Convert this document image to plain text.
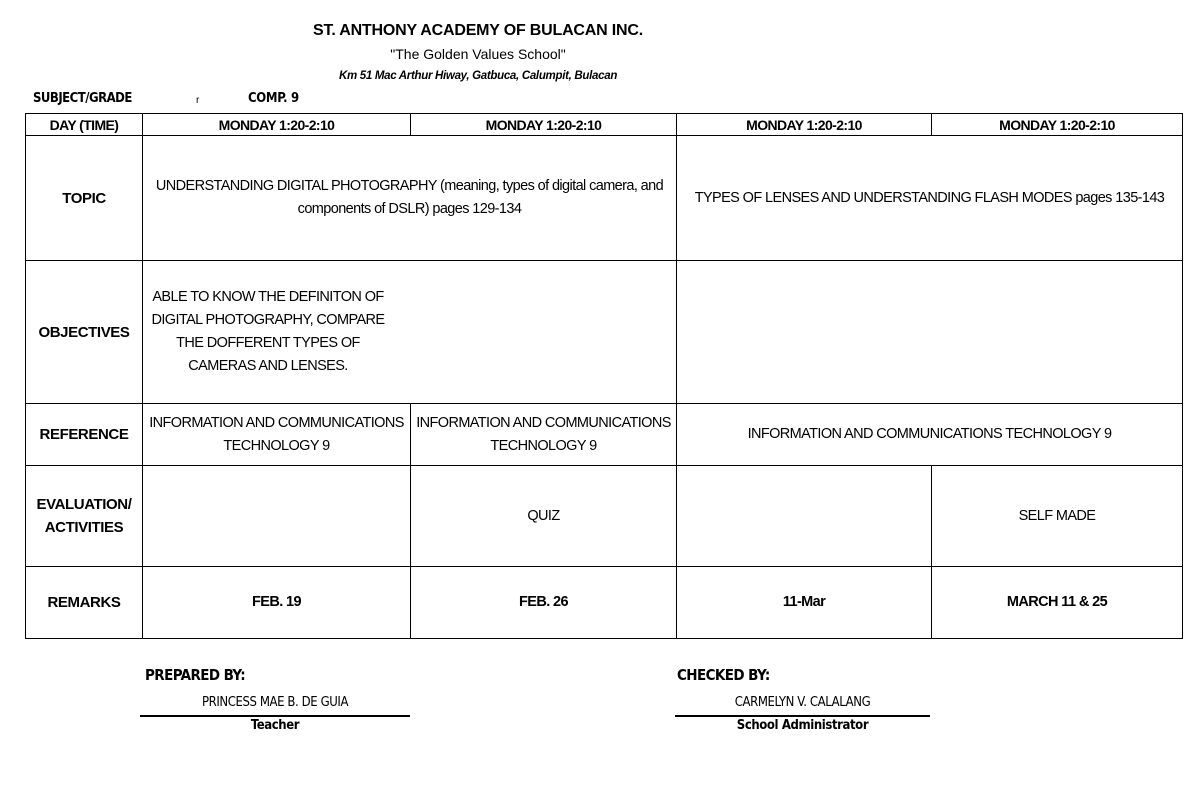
ST. ANTHONY ACADEMY OF BULACAN INC.
"The Golden Values School"
Km 51 Mac Arthur Hiway, Gatbuca, Calumpit, Bulacan
SUBJECT/GRADE	r	COMP. 9
DAY (TIME)	MONDAY 1:20-2:10	MONDAY 1:20-2:10	MONDAY 1:20-2:10	MONDAY 1:20-2:10
TOPIC	UNDERSTANDING DIGITAL PHOTOGRAPHY (meaning, types of digital camera, and components of DSLR) pages 129-134		TYPES OF LENSES AND UNDERSTANDING FLASH MODES pages 135-143	
OBJECTIVES	ABLE TO KNOW THE DEFINITON OF DIGITAL PHOTOGRAPHY, COMPARE THE DOFFERENT TYPES OF CAMERAS AND LENSES.			

REFERENCE	INFORMATION AND COMMUNICATIONS TECHNOLOGY 9	INFORMATION AND COMMUNICATIONS TECHNOLOGY 9	INFORMATION AND COMMUNICATIONS TECHNOLOGY 9	
EVALUATION/ ACTIVITIES		QUIZ		SELF MADE
REMARKS	FEB. 19	FEB. 26	11-Mar	MARCH 11 & 25
PREPARED BY:
PRINCESS MAE B. DE GUIA
Teacher
CHECKED BY:
CARMELYN V. CALALANG
School Administrator
